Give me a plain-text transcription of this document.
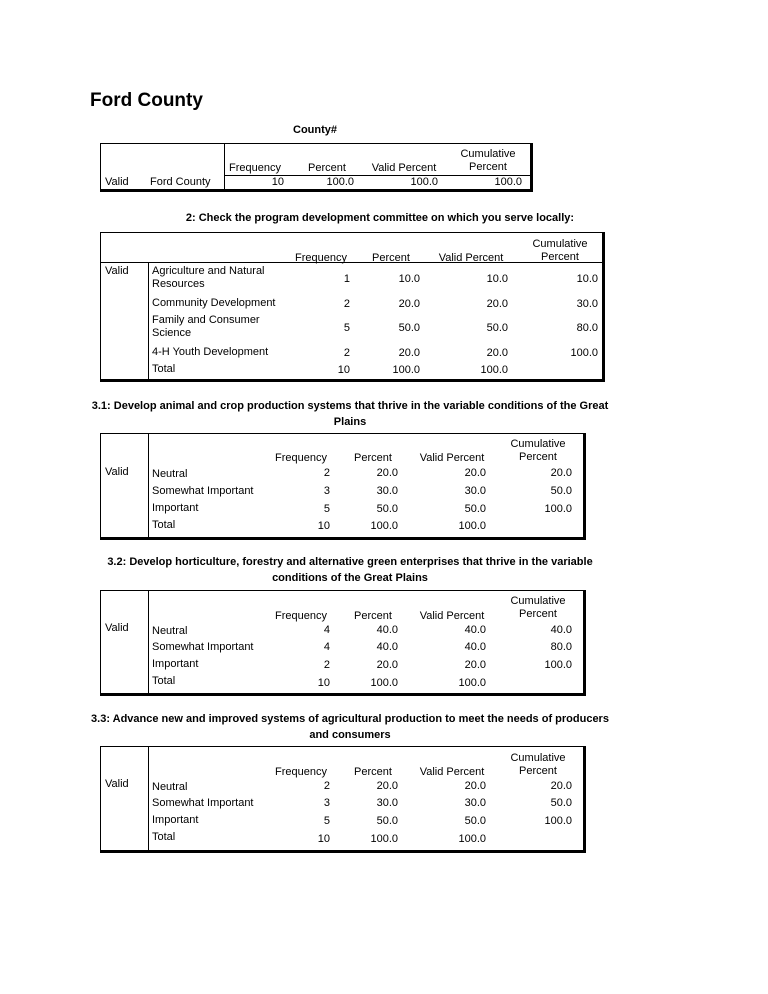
Ford County
County#
Valid Ford County
Frequency	Percent	Valid Percent
Cumulative Percent
10	100.0	100.0	100.0
2: Check the program development committee on which you serve locally:
Frequency	Percent	Valid Percent
Cumulative Percent
Valid Agriculture and Natural Resources	1	10.0	10.0	10.0
Community Development	2	20.0	20.0	30.0
Family and Consumer Science	5	50.0	50.0	80.0
4-H Youth Development	2	20.0	20.0	100.0
Total	10	100.0	100.0
3.1: Develop animal and crop production systems that thrive in the variable conditions of the Great Plains
Valid
Frequency	Percent	Valid Percent
Cumulative Percent
Neutral	2	20.0	20.0	20.0
Somewhat Important	3	30.0	30.0	50.0
Important	5	50.0	50.0	100.0
Total	10	100.0	100.0
3.2: Develop horticulture, forestry and alternative green enterprises that thrive in the variable conditions of the Great Plains
Valid
Frequency	Percent	Valid Percent
Cumulative Percent
Neutral	4	40.0	40.0	40.0
Somewhat Important	4	40.0	40.0	80.0
Important	2	20.0	20.0	100.0
Total	10	100.0	100.0
3.3: Advance new and improved systems of agricultural production to meet the needs of producers and consumers
Valid
Frequency	Percent	Valid Percent
Cumulative Percent
Neutral	2	20.0	20.0	20.0
Somewhat Important	3	30.0	30.0	50.0
Important	5	50.0	50.0	100.0
Total	10	100.0	100.0
